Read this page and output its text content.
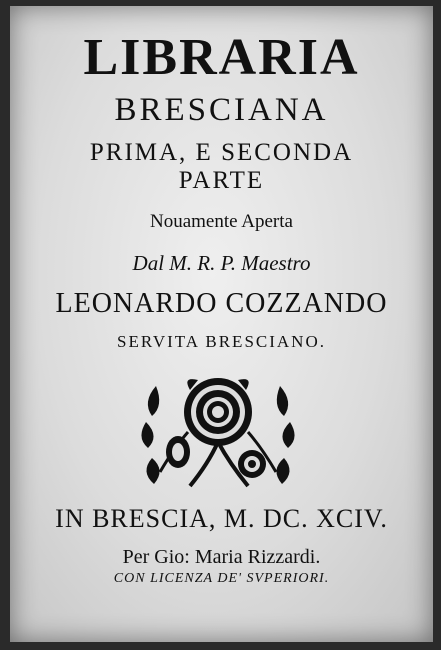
LIBRARIA
BRESCIANA
PRIMA, E SECONDA
PARTE
Nouamente Aperta
Dal M. R. P. Maestro
LEONARDO COZZANDO
SERVITA BRESCIANO.
IN BRESCIA, M. DC. XCIV.
Per Gio: Maria Rizzardi.
CON LICENZA DE' SVPERIORI.
